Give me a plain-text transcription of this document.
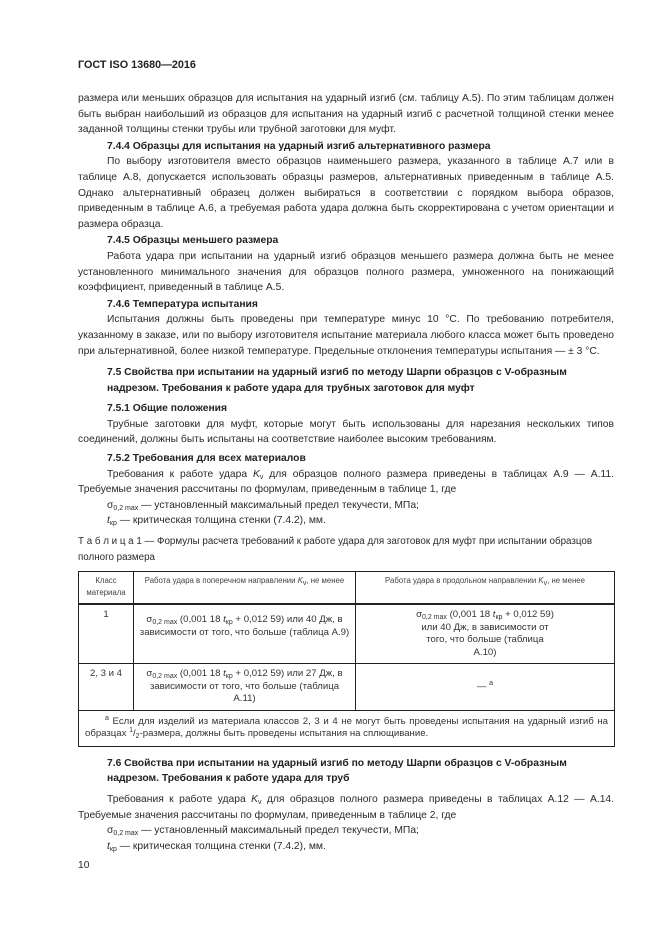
ГОСТ ISO 13680—2016
размера или меньших образцов для испытания на ударный изгиб (см. таблицу А.5). По этим таблицам должен быть выбран наибольший из образцов для испытания на ударный изгиб с расчетной толщиной стенки менее заданной толщины стенки трубы или трубной заготовки для муфт.
7.4.4 Образцы для испытания на ударный изгиб альтернативного размера
По выбору изготовителя вместо образцов наименьшего размера, указанного в таблице А.7 или в таблице А.8, допускается использовать образцы размеров, альтернативных приведенным в таблице А.5. Однако альтернативный образец должен выбираться в соответствии с порядком выбора образов, приведенным в таблице А.6, а требуемая работа удара должна быть скорректирована с учетом ориентации и размера образца.
7.4.5 Образцы меньшего размера
Работа удара при испытании на ударный изгиб образцов меньшего размера должна быть не менее установленного минимального значения для образцов полного размера, умноженного на понижающий коэффициент, приведенный в таблице А.5.
7.4.6 Температура испытания
Испытания должны быть проведены при температуре минус 10 °С. По требованию потребителя, указанному в заказе, или по выбору изготовителя испытание материала любого класса может быть проведено при альтернативной, более низкой температуре. Предельные отклонения температуры испытания — ± 3 °С.
7.5 Свойства при испытании на ударный изгиб по методу Шарпи образцов с V-образным надрезом. Требования к работе удара для трубных заготовок для муфт
7.5.1 Общие положения
Трубные заготовки для муфт, которые могут быть использованы для нарезания нескольких типов соединений, должны быть испытаны на соответствие наиболее высоким требованиям.
7.5.2 Требования для всех материалов
Требования к работе удара $K_v$ для образцов полного размера приведены в таблицах А.9 — А.11. Требуемые значения рассчитаны по формулам, приведенным в таблице 1, где
$\sigma_{0,2 max}$ — установленный максимальный предел текучести, МПа;
$t_{кр}$ — критическая толщина стенки (7.4.2), мм.
Т а б л и ц а 1 — Формулы расчета требований к работе удара для заготовок для муфт при испытании образцов полного размера
Класс материала	Работа удара в поперечном направлении $K_v$, не менее	Работа удара в продольном направлении $K_v$, не менее
1	$\sigma_{0,2 max}$ (0,001 18 $t_{кр} + 0,012$ 59) или 40 Дж, в зависимости от того, что больше (таблица А.9)	$\sigma_{0,2 max}$ (0,001 18 $t_{кр} + 0,012$ 59) или 40 Дж, в зависимости от того, что больше (таблица А.10)
2, 3 и 4	$\sigma_{0,2 max}$ (0,001 18 $t_{кр} + 0,012$ 59) или 27 Дж, в зависимости от того, что больше (таблица А.11)	— $^a$
$^a$ Если для изделий из материала классов 2, 3 и 4 не могут быть проведены испытания на ударный изгиб на образцах $^1/_2$-размера, должны быть проведены испытания на сплющивание.		
7.6 Свойства при испытании на ударный изгиб по методу Шарпи образцов с V-образным надрезом. Требования к работе удара для труб
Требования к работе удара $K_v$ для образцов полного размера приведены в таблицах А.12 — А.14. Требуемые значения рассчитаны по формулам, приведенным в таблице 2, где
$\sigma_{0,2 max}$ — установленный максимальный предел текучести, МПа;
$t_{кр}$ — критическая толщина стенки (7.4.2), мм.
10
